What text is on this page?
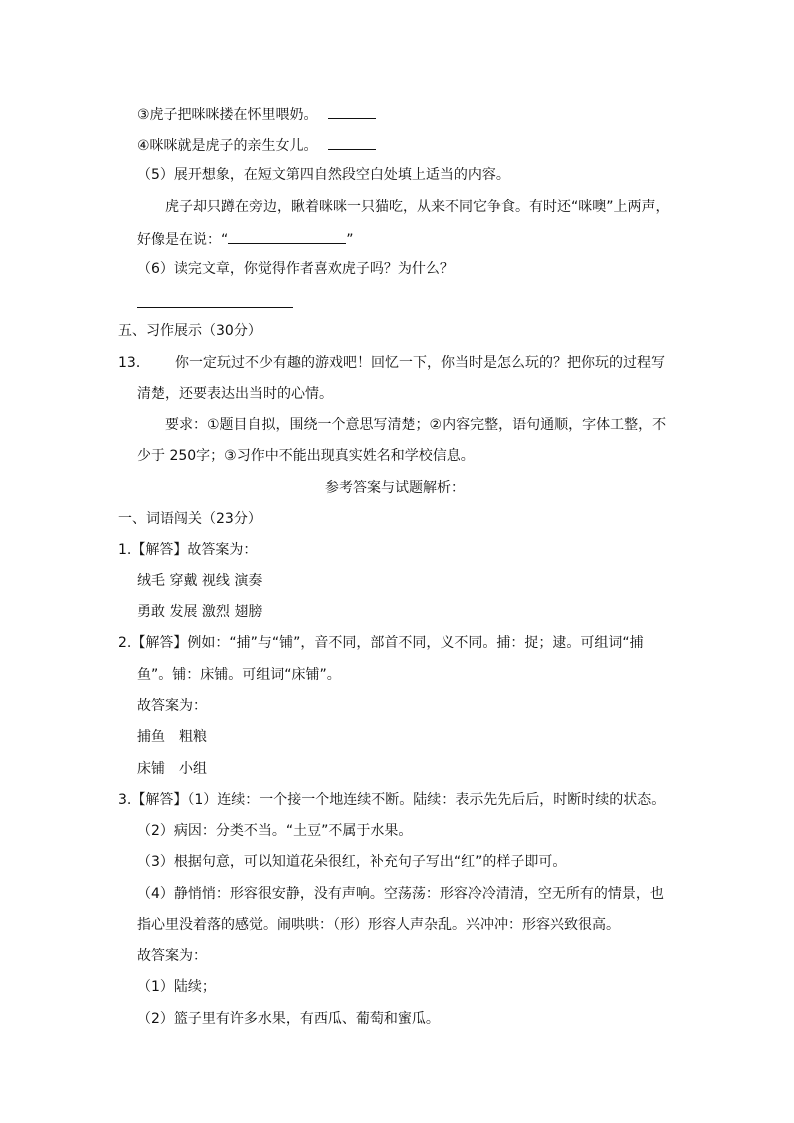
③虎子把咪咪搂在怀里喂奶。
④咪咪就是虎子的亲生女儿。
（5）展开想象，在短文第四自然段空白处填上适当的内容。
虎子却只蹲在旁边，瞅着咪咪一只猫吃，从来不同它争食。有时还“咪噢”上两声，
好像是在说：“	”
（6）读完文章，你觉得作者喜欢虎子吗？为什么？
五、习作展示（30分）
13． 你一定玩过不少有趣的游戏吧！回忆一下，你当时是怎么玩的？把你玩的过程写
清楚，还要表达出当时的心情。
要求：①题目自拟，围绕一个意思写清楚；②内容完整，语句通顺，字体工整，不
少于 250字；③习作中不能出现真实姓名和学校信息。
参考答案与试题解析：
一、词语闯关（23分）
1.【解答】故答案为：
绒毛 穿戴 视线 演奏
勇敢 发展 激烈 翅膀
2.【解答】例如：“捕”与“铺”，音不同，部首不同，义不同。捕：捉；逮。可组词“捕
鱼”。铺：床铺。可组词“床铺”。
故答案为：
捕鱼　粗粮
床铺　小组
3.【解答】（1）连续：一个接一个地连续不断。陆续：表示先先后后，时断时续的状态。
（2）病因：分类不当。“土豆”不属于水果。
（3）根据句意，可以知道花朵很红，补充句子写出“红”的样子即可。
（4）静悄悄：形容很安静，没有声响。空荡荡：形容冷冷清清，空无所有的情景，也
指心里没着落的感觉。闹哄哄：（形）形容人声杂乱。兴冲冲：形容兴致很高。
故答案为：
（1）陆续；
（2）篮子里有许多水果，有西瓜、葡萄和蜜瓜。
